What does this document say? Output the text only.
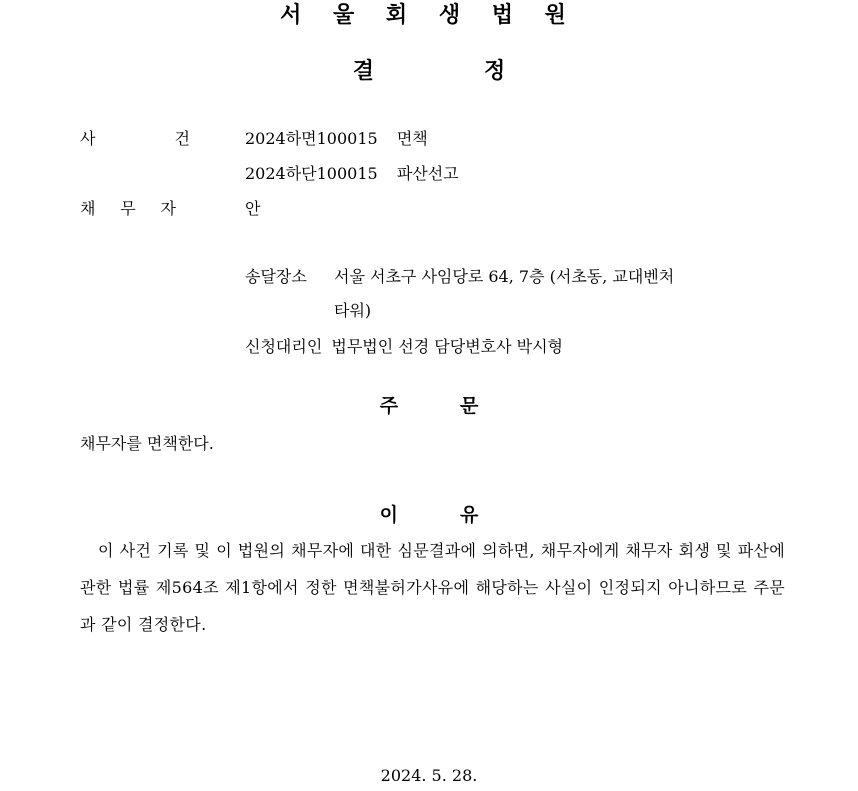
서 울 회 생 법 원
결	정
사	건	2024하면100015 면책
2024하단100015 파산선고
채 무 자	안
송달장소 서울 서초구 사임당로 64, 7층 (서초동, 교대벤처
타워)
신청대리인 법무법인 선경 담당변호사 박시형
주	문
채무자를 면책한다.
이	유
이 사건 기록 및 이 법원의 채무자에 대한 심문결과에 의하면, 채무자에게 채무자 회생 및 파산에 관한 법률 제564조 제1항에서 정한 면책불허가사유에 해당하는 사실이 인정되지 아니하므로 주문과 같이 결정한다.
2024. 5. 28.
